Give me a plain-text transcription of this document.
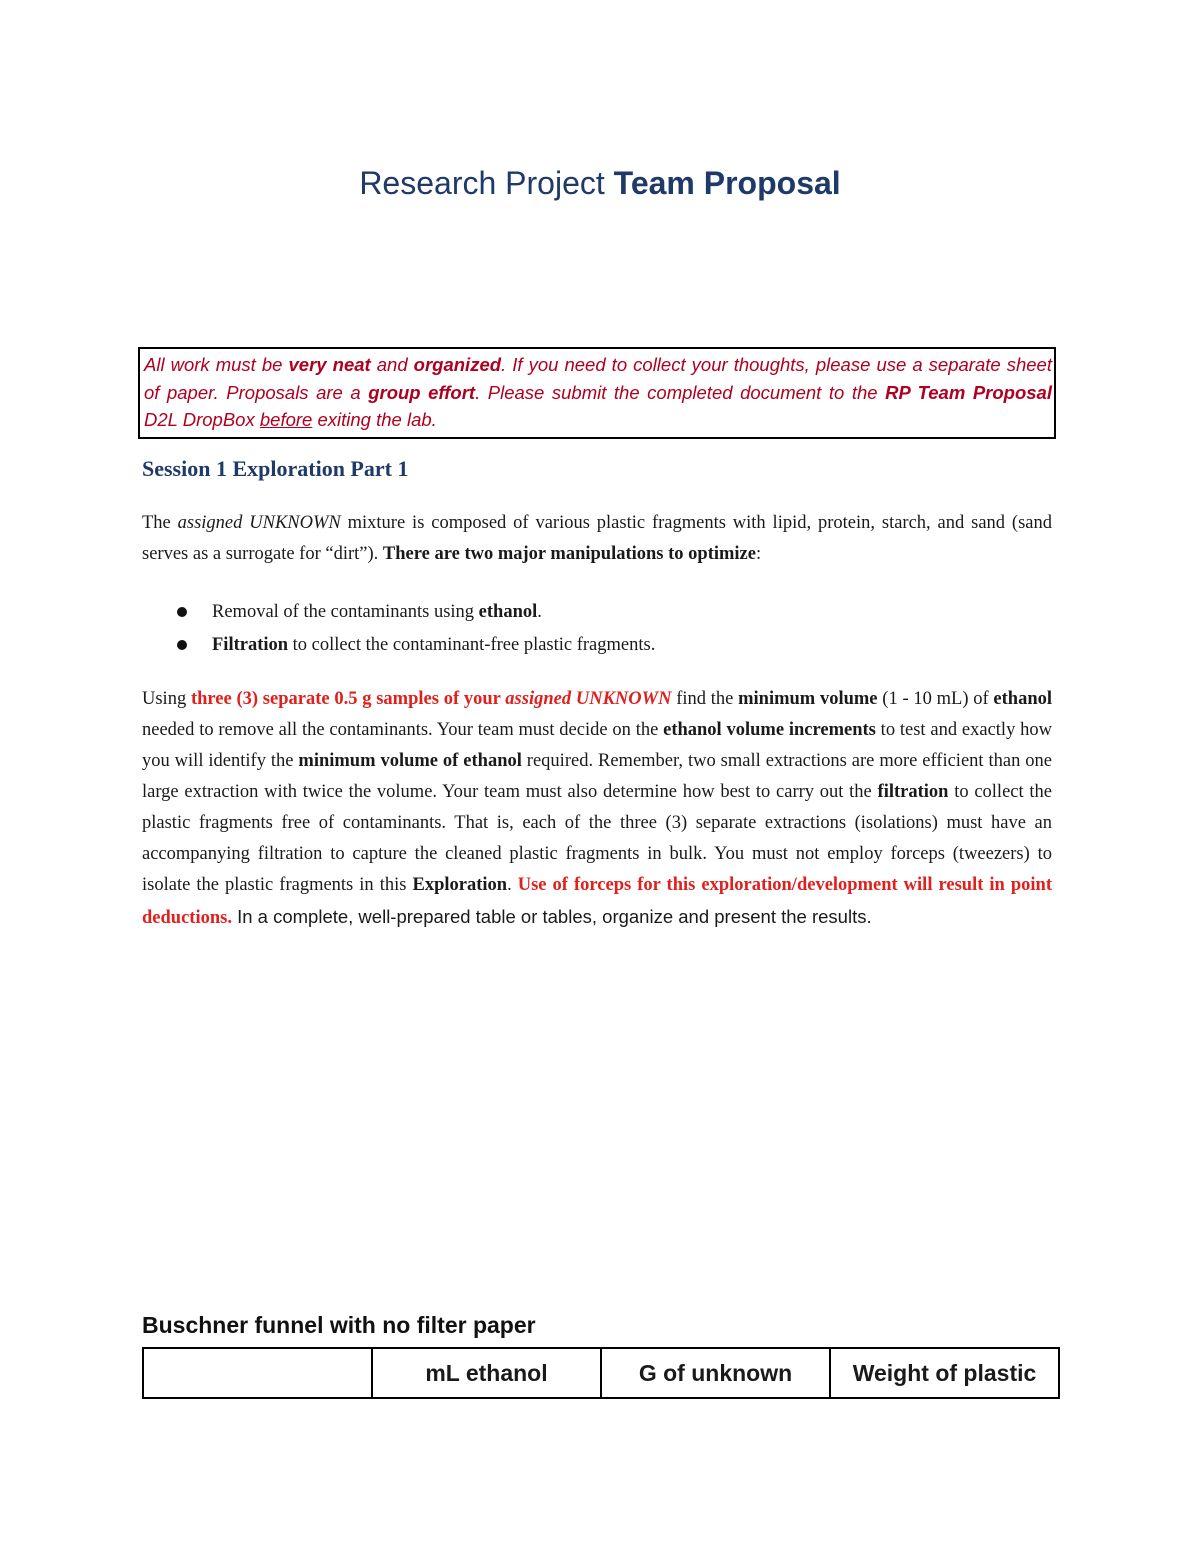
Research Project Team Proposal
All work must be very neat and organized. If you need to collect your thoughts, please use a separate sheet of paper. Proposals are a group effort. Please submit the completed document to the RP Team Proposal D2L DropBox before exiting the lab.
Session 1 Exploration Part 1

The assigned UNKNOWN mixture is composed of various plastic fragments with lipid, protein, starch, and sand (sand serves as a surrogate for “dirt”). There are two major manipulations to optimize:

Removal of the contaminants using ethanol.
Filtration to collect the contaminant-free plastic fragments.

Using three (3) separate 0.5 g samples of your assigned UNKNOWN find the minimum volume (1 - 10 mL) of ethanol needed to remove all the contaminants. Your team must decide on the ethanol volume increments to test and exactly how you will identify the minimum volume of ethanol required. Remember, two small extractions are more efficient than one large extraction with twice the volume. Your team must also determine how best to carry out the filtration to collect the plastic fragments free of contaminants. That is, each of the three (3) separate extractions (isolations) must have an accompanying filtration to capture the cleaned plastic fragments in bulk. You must not employ forceps (tweezers) to isolate the plastic fragments in this Exploration. Use of forceps for this exploration/development will result in point deductions. In a complete, well-prepared table or tables, organize and present the results.

Buschner funnel with no filter paper
	mL ethanol	G of unknown	Weight of plastic
